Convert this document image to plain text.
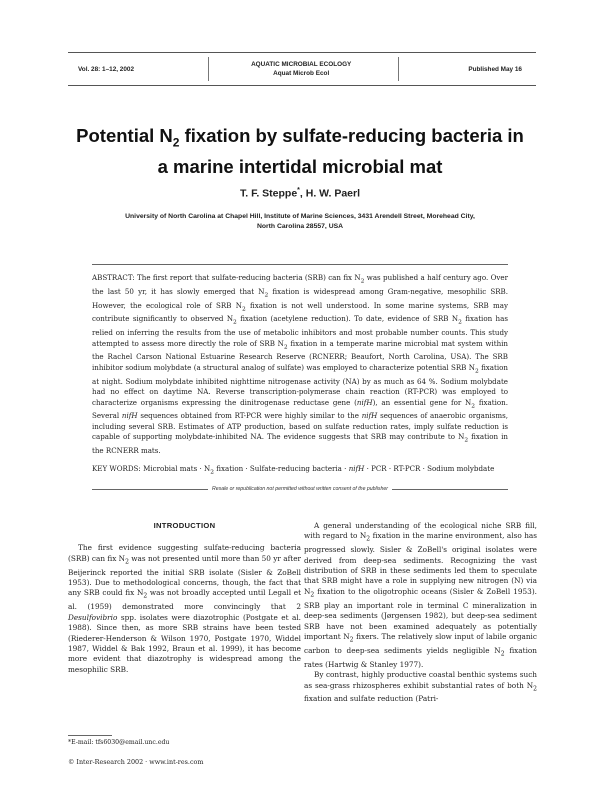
Vol. 28: 1–12, 2002
AQUATIC MICROBIAL ECOLOGY
Aquat Microb Ecol
Published May 16
Potential $N_2$ fixation by sulfate-reducing bacteria in
a marine intertidal microbial mat
T. F. Steppe*, H. W. Paerl
University of North Carolina at Chapel Hill, Institute of Marine Sciences, 3431 Arendell Street, Morehead City,
North Carolina 28557, USA

ABSTRACT: The first report that sulfate-reducing bacteria (SRB) can fix $N_2$ was published a half century ago. Over the last 50 yr, it has slowly emerged that $N_2$ fixation is widespread among Gram-negative, mesophilic SRB. However, the ecological role of SRB $N_2$ fixation is not well understood. In some marine systems, SRB may contribute significantly to observed $N_2$ fixation (acetylene reduction). To date, evidence of SRB $N_2$ fixation has relied on inferring the results from the use of metabolic inhibitors and most probable number counts. This study attempted to assess more directly the role of SRB $N_2$ fixation in a temperate marine microbial mat system within the Rachel Carson National Estuarine Research Reserve (RCNERR; Beaufort, North Carolina, USA). The SRB inhibitor sodium molybdate (a structural analog of sulfate) was employed to characterize potential SRB $N_2$ fixation at night. Sodium molybdate inhibited nighttime nitrogenase activity (NA) by as much as 64 %. Sodium molybdate had no effect on daytime NA. Reverse transcription-polymerase chain reaction (RT-PCR) was employed to characterize organisms expressing the dinitrogenase reductase gene (nifH), an essential gene for $N_2$ fixation. Several nifH sequences obtained from RT-PCR were highly similar to the nifH sequences of anaerobic organisms, including several SRB. Estimates of ATP production, based on sulfate reduction rates, imply sulfate reduction is capable of supporting molybdate-inhibited NA. The evidence suggests that SRB may contribute to $N_2$ fixation in the RCNERR mats.

KEY WORDS: Microbial mats · $N_2$ fixation · Sulfate-reducing bacteria · nifH · PCR · RT-PCR · Sodium molybdate

Resale or republication not permitted without written consent of the publisher
INTRODUCTION

The first evidence suggesting sulfate-reducing bacteria (SRB) can fix $N_2$ was not presented until more than 50 yr after Beijerinck reported the initial SRB isolate (Sisler & ZoBell 1953). Due to methodological concerns, though, the fact that any SRB could fix $N_2$ was not broadly accepted until Legall et al. (1959) demonstrated more convincingly that 2 Desulfovibrio spp. isolates were diazotrophic (Postgate et al. 1988). Since then, as more SRB strains have been tested (Riederer-Henderson & Wilson 1970, Postgate 1970, Widdel 1987, Widdel & Bak 1992, Braun et al. 1999), it has become more evident that diazotrophy is widespread among the mesophilic SRB.

A general understanding of the ecological niche SRB fill, with regard to $N_2$ fixation in the marine environment, also has progressed slowly. Sisler & ZoBell's original isolates were derived from deep-sea sediments. Recognizing the vast distribution of SRB in these sediments led them to speculate that SRB might have a role in supplying new nitrogen (N) via $N_2$ fixation to the oligotrophic oceans (Sisler & ZoBell 1953). SRB play an important role in terminal C mineralization in deep-sea sediments (Jørgensen 1982), but deep-sea sediment SRB have not been examined adequately as potentially important $N_2$ fixers. The relatively slow input of labile organic carbon to deep-sea sediments yields negligible $N_2$ fixation rates (Hartwig & Stanley 1977).

By contrast, highly productive coastal benthic systems such as sea-grass rhizospheres exhibit substantial rates of both $N_2$ fixation and sulfate reduction (Patri-

*E-mail: tfs6030@email.unc.edu
© Inter-Research 2002 · www.int-res.com
